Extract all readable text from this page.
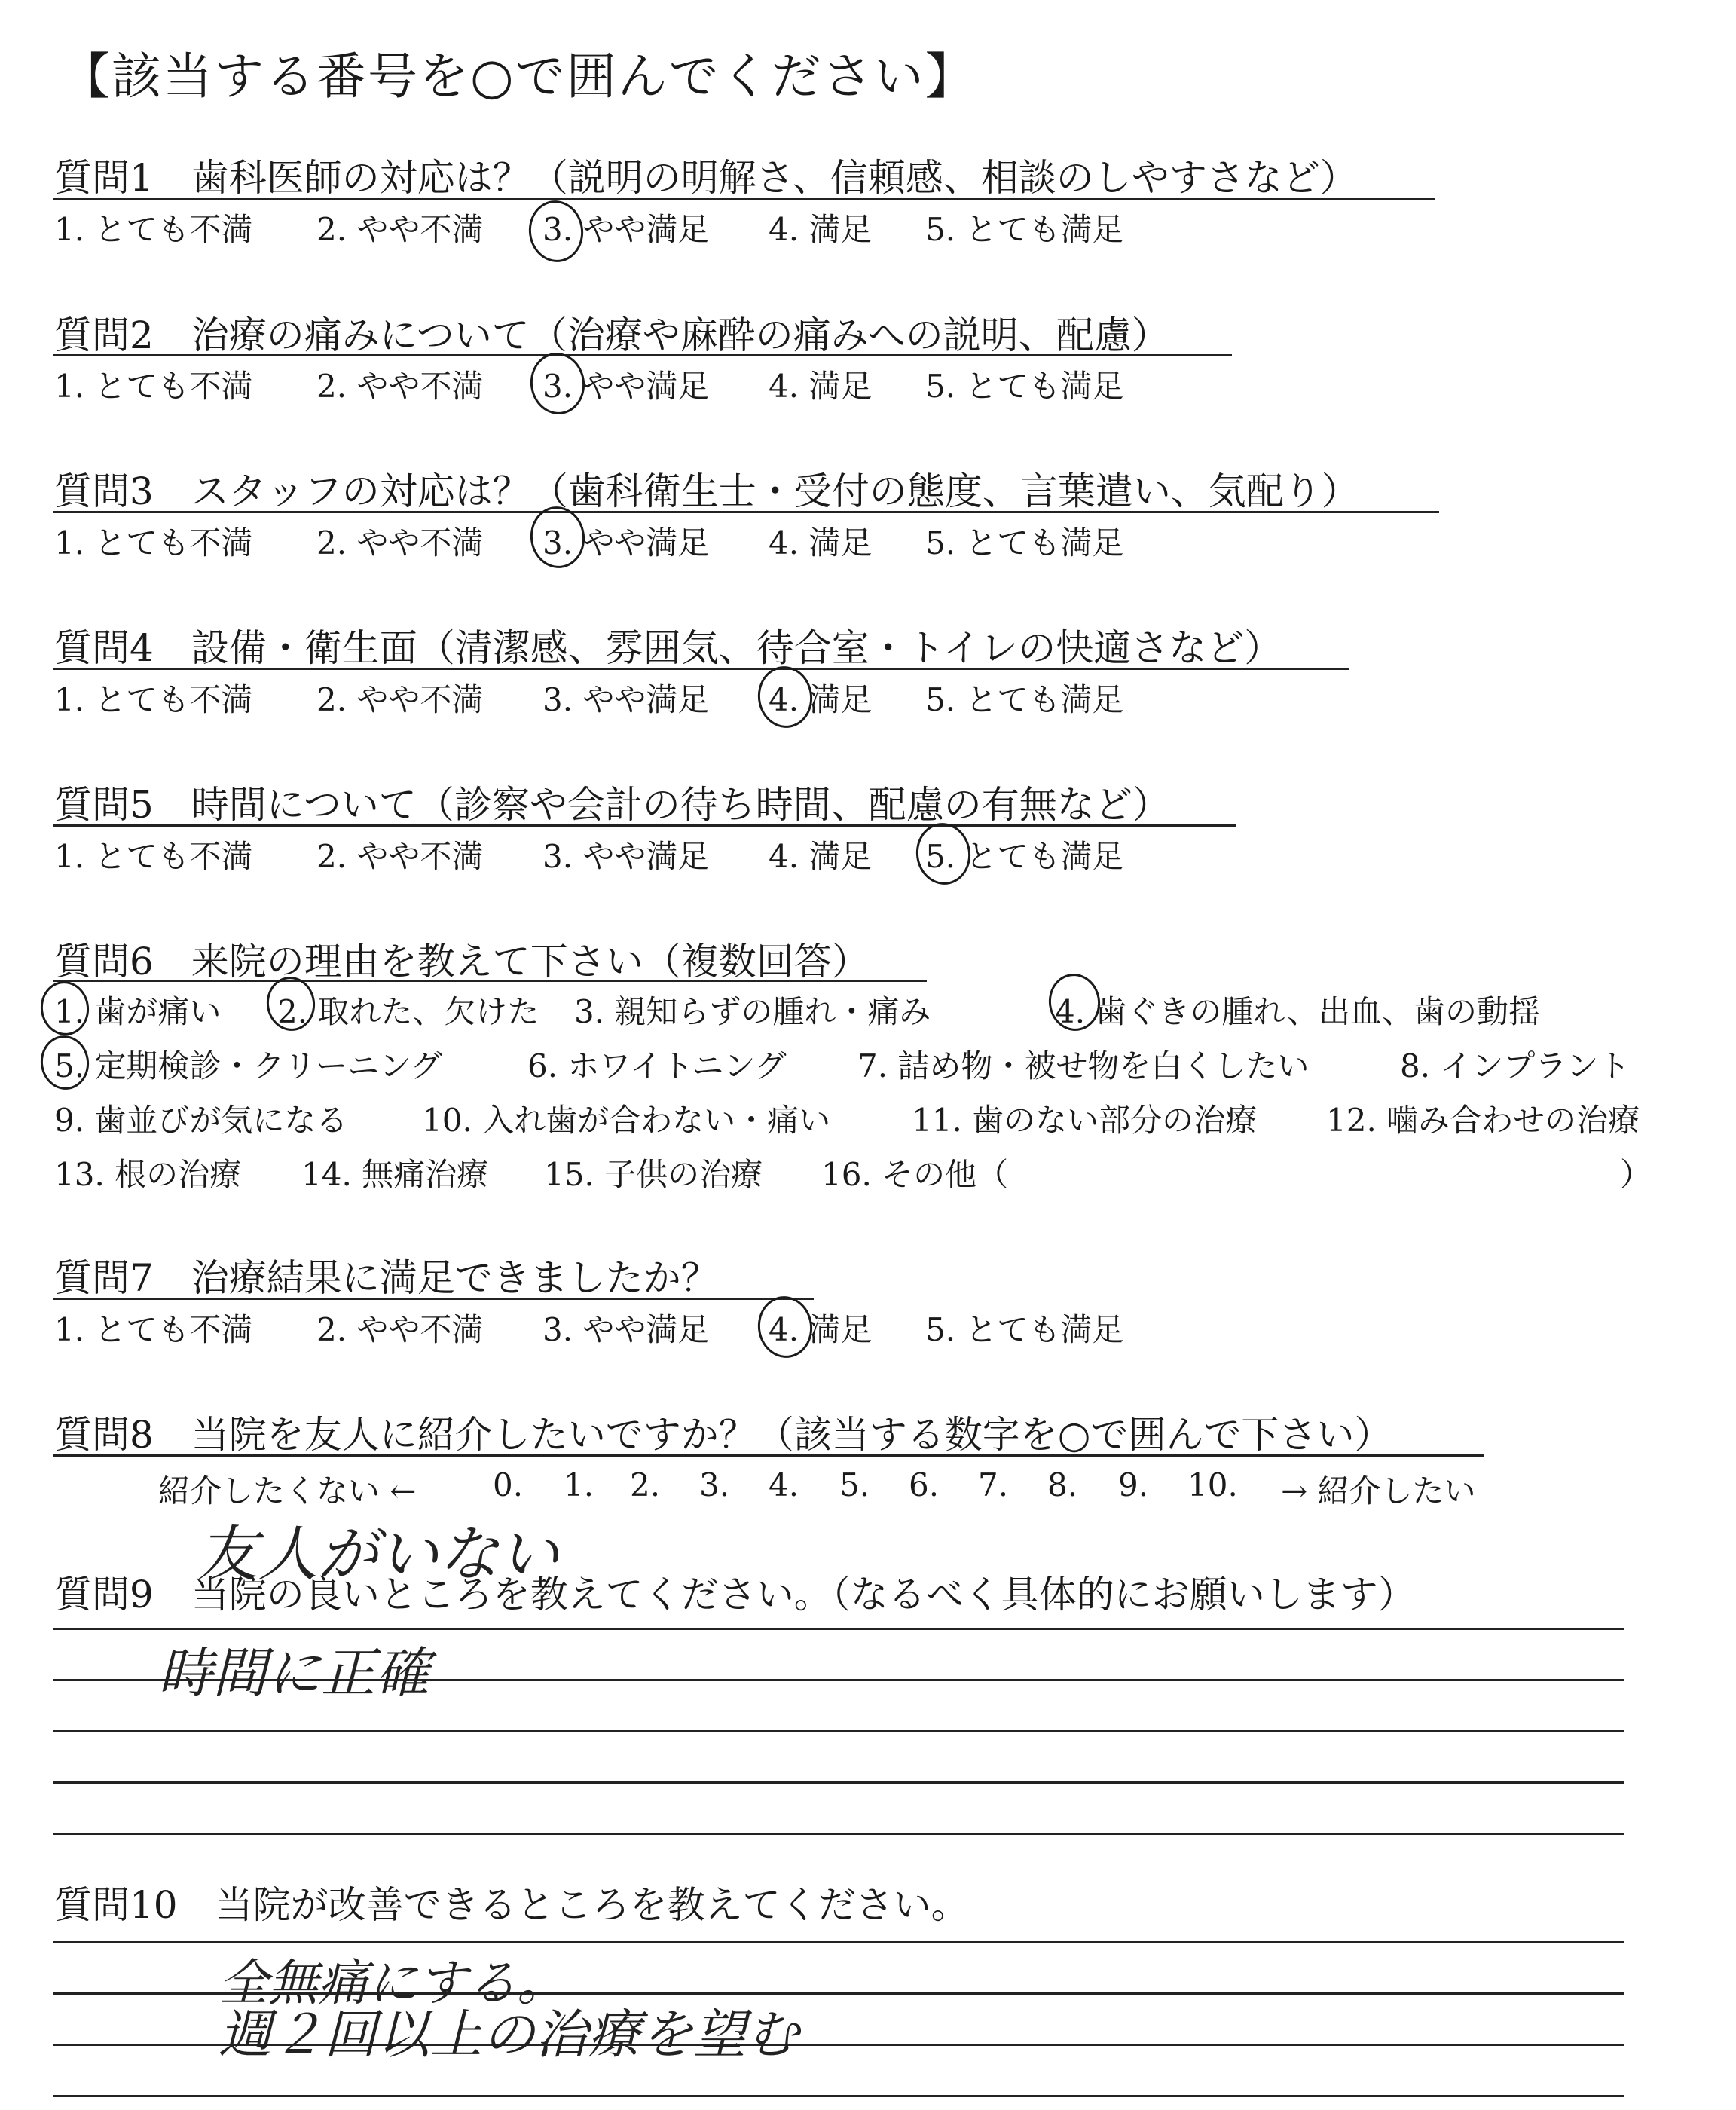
【該当する番号を○で囲んでください】
質問1　歯科医師の対応は？（説明の明解さ、信頼感、相談のしやすさなど）
1. とても不満 2. やや不満 3. やや満足 4. 満足 5. とても満足
質問2　治療の痛みについて（治療や麻酔の痛みへの説明、配慮）
1. とても不満 2. やや不満 3. やや満足 4. 満足 5. とても満足
質問3　スタッフの対応は？（歯科衛生士・受付の態度、言葉遣い、気配り）
1. とても不満 2. やや不満 3. やや満足 4. 満足 5. とても満足
質問4　設備・衛生面（清潔感、雰囲気、待合室・トイレの快適さなど）
1. とても不満 2. やや不満 3. やや満足 4. 満足 5. とても満足
質問5　時間について（診察や会計の待ち時間、配慮の有無など）
1. とても不満 2. やや不満 3. やや満足 4. 満足 5. とても満足
質問6　来院の理由を教えて下さい（複数回答）
1. 歯が痛い 2. 取れた、欠けた 3. 親知らずの腫れ・痛み	4. 歯ぐきの腫れ、出血、歯の動揺
5. 定期検診・クリーニング	6. ホワイトニング 7. 詰め物・被せ物を白くしたい	8. インプラント
9. 歯並びが気になる 10. 入れ歯が合わない・痛い	11. 歯のない部分の治療 12. 噛み合わせの治療
13. 根の治療 14. 無痛治療 15. 子供の治療 16. その他（	）
質問7　治療結果に満足できましたか？
1. とても不満 2. やや不満 3. やや満足 4. 満足 5. とても満足
質問8　当院を友人に紹介したいですか？（該当する数字を○で囲んで下さい）
紹介したくない ← 0. 1. 2. 3. 4. 5. 6. 7. 8. 9. 10. → 紹介したい
友人がいない
質問9　当院の良いところを教えてください。（なるべく具体的にお願いします）
時間に正確
質問10　当院が改善できるところを教えてください。
全無痛にする。
週２回以上の治療を望む
